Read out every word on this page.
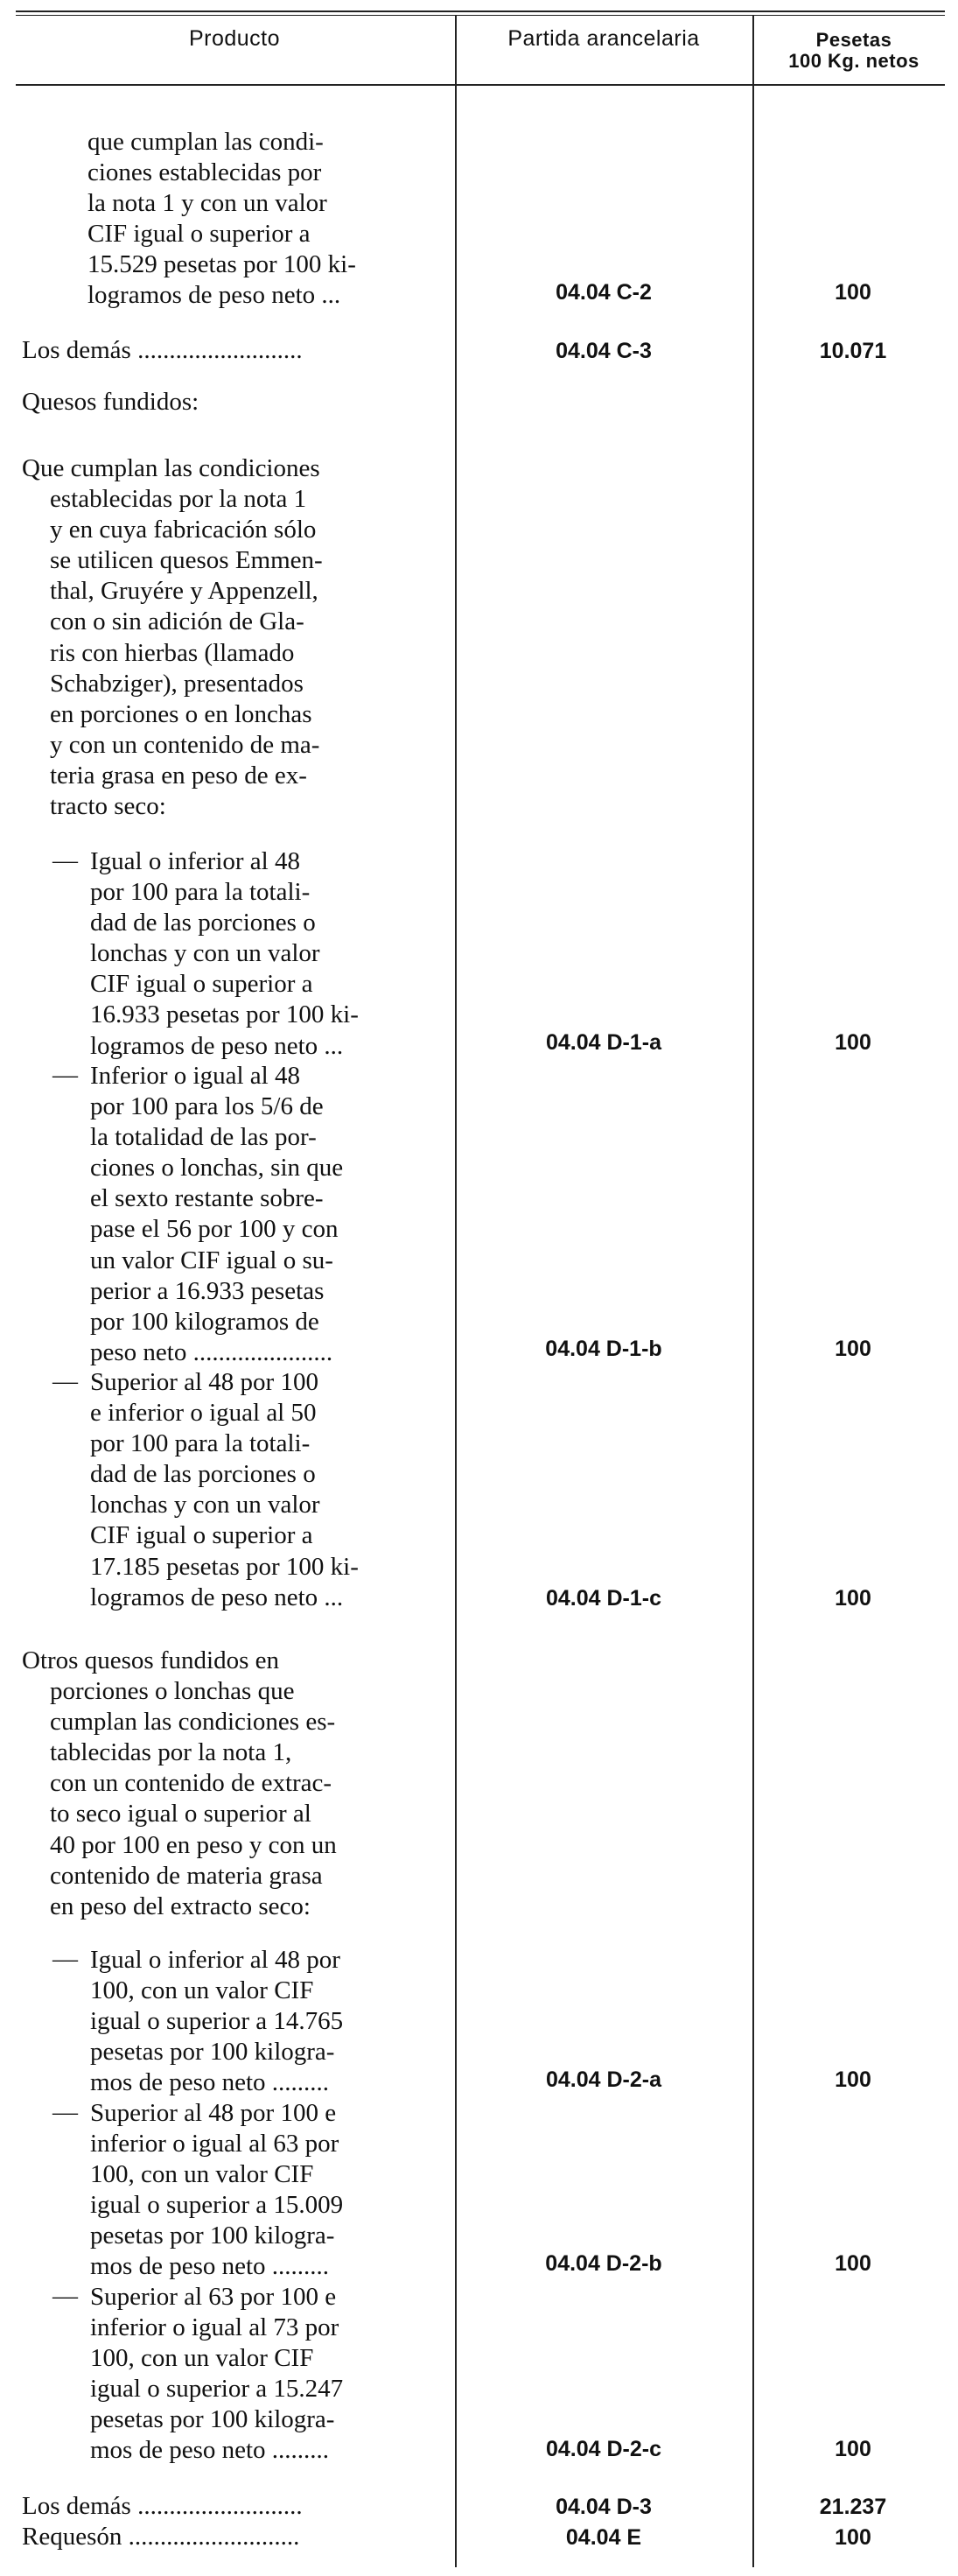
Producto	Partida arancelaria	Pesetas
100 Kg. netos
que cumplan las condi-
ciones establecidas por
la nota 1 y con un valor
CIF igual o superior a
15.529 pesetas por 100 ki-
logramos de peso neto ...	04.04 C-2	100
Los demás ..........................	04.04 C-3	10.071
Quesos fundidos:
Que cumplan las condiciones
establecidas por la nota 1
y en cuya fabricación sólo
se utilicen quesos Emmen-
thal, Gruyére y Appenzell,
con o sin adición de Gla-
ris con hierbas (llamado
Schabziger), presentados
en porciones o en lonchas
y con un contenido de ma-
teria grasa en peso de ex-
tracto seco:
— Igual o inferior al 48
por 100 para la totali-
dad de las porciones o
lonchas y con un valor
CIF igual o superior a
16.933 pesetas por 100 ki-
logramos de peso neto ...	04.04 D-1-a	100
— Inferior o igual al 48
por 100 para los 5/6 de
la totalidad de las por-
ciones o lonchas, sin que
el sexto restante sobre-
pase el 56 por 100 y con
un valor CIF igual o su-
perior a 16.933 pesetas
por 100 kilogramos de
peso neto ......................	04.04 D-1-b	100
— Superior al 48 por 100
e inferior o igual al 50
por 100 para la totali-
dad de las porciones o
lonchas y con un valor
CIF igual o superior a
17.185 pesetas por 100 ki-
logramos de peso neto ...	04.04 D-1-c	100
Otros quesos fundidos en
porciones o lonchas que
cumplan las condiciones es-
tablecidas por la nota 1,
con un contenido de extrac-
to seco igual o superior al
40 por 100 en peso y con un
contenido de materia grasa
en peso del extracto seco:
— Igual o inferior al 48 por
100, con un valor CIF
igual o superior a 14.765
pesetas por 100 kilogra-
mos de peso neto .........	04.04 D-2-a	100
— Superior al 48 por 100 e
inferior o igual al 63 por
100, con un valor CIF
igual o superior a 15.009
pesetas por 100 kilogra-
mos de peso neto .........	04.04 D-2-b	100
— Superior al 63 por 100 e
inferior o igual al 73 por
100, con un valor CIF
igual o superior a 15.247
pesetas por 100 kilogra-
mos de peso neto .........	04.04 D-2-c	100
Los demás ..........................	04.04 D-3	21.237
Requesón ...........................	04.04 E	100
